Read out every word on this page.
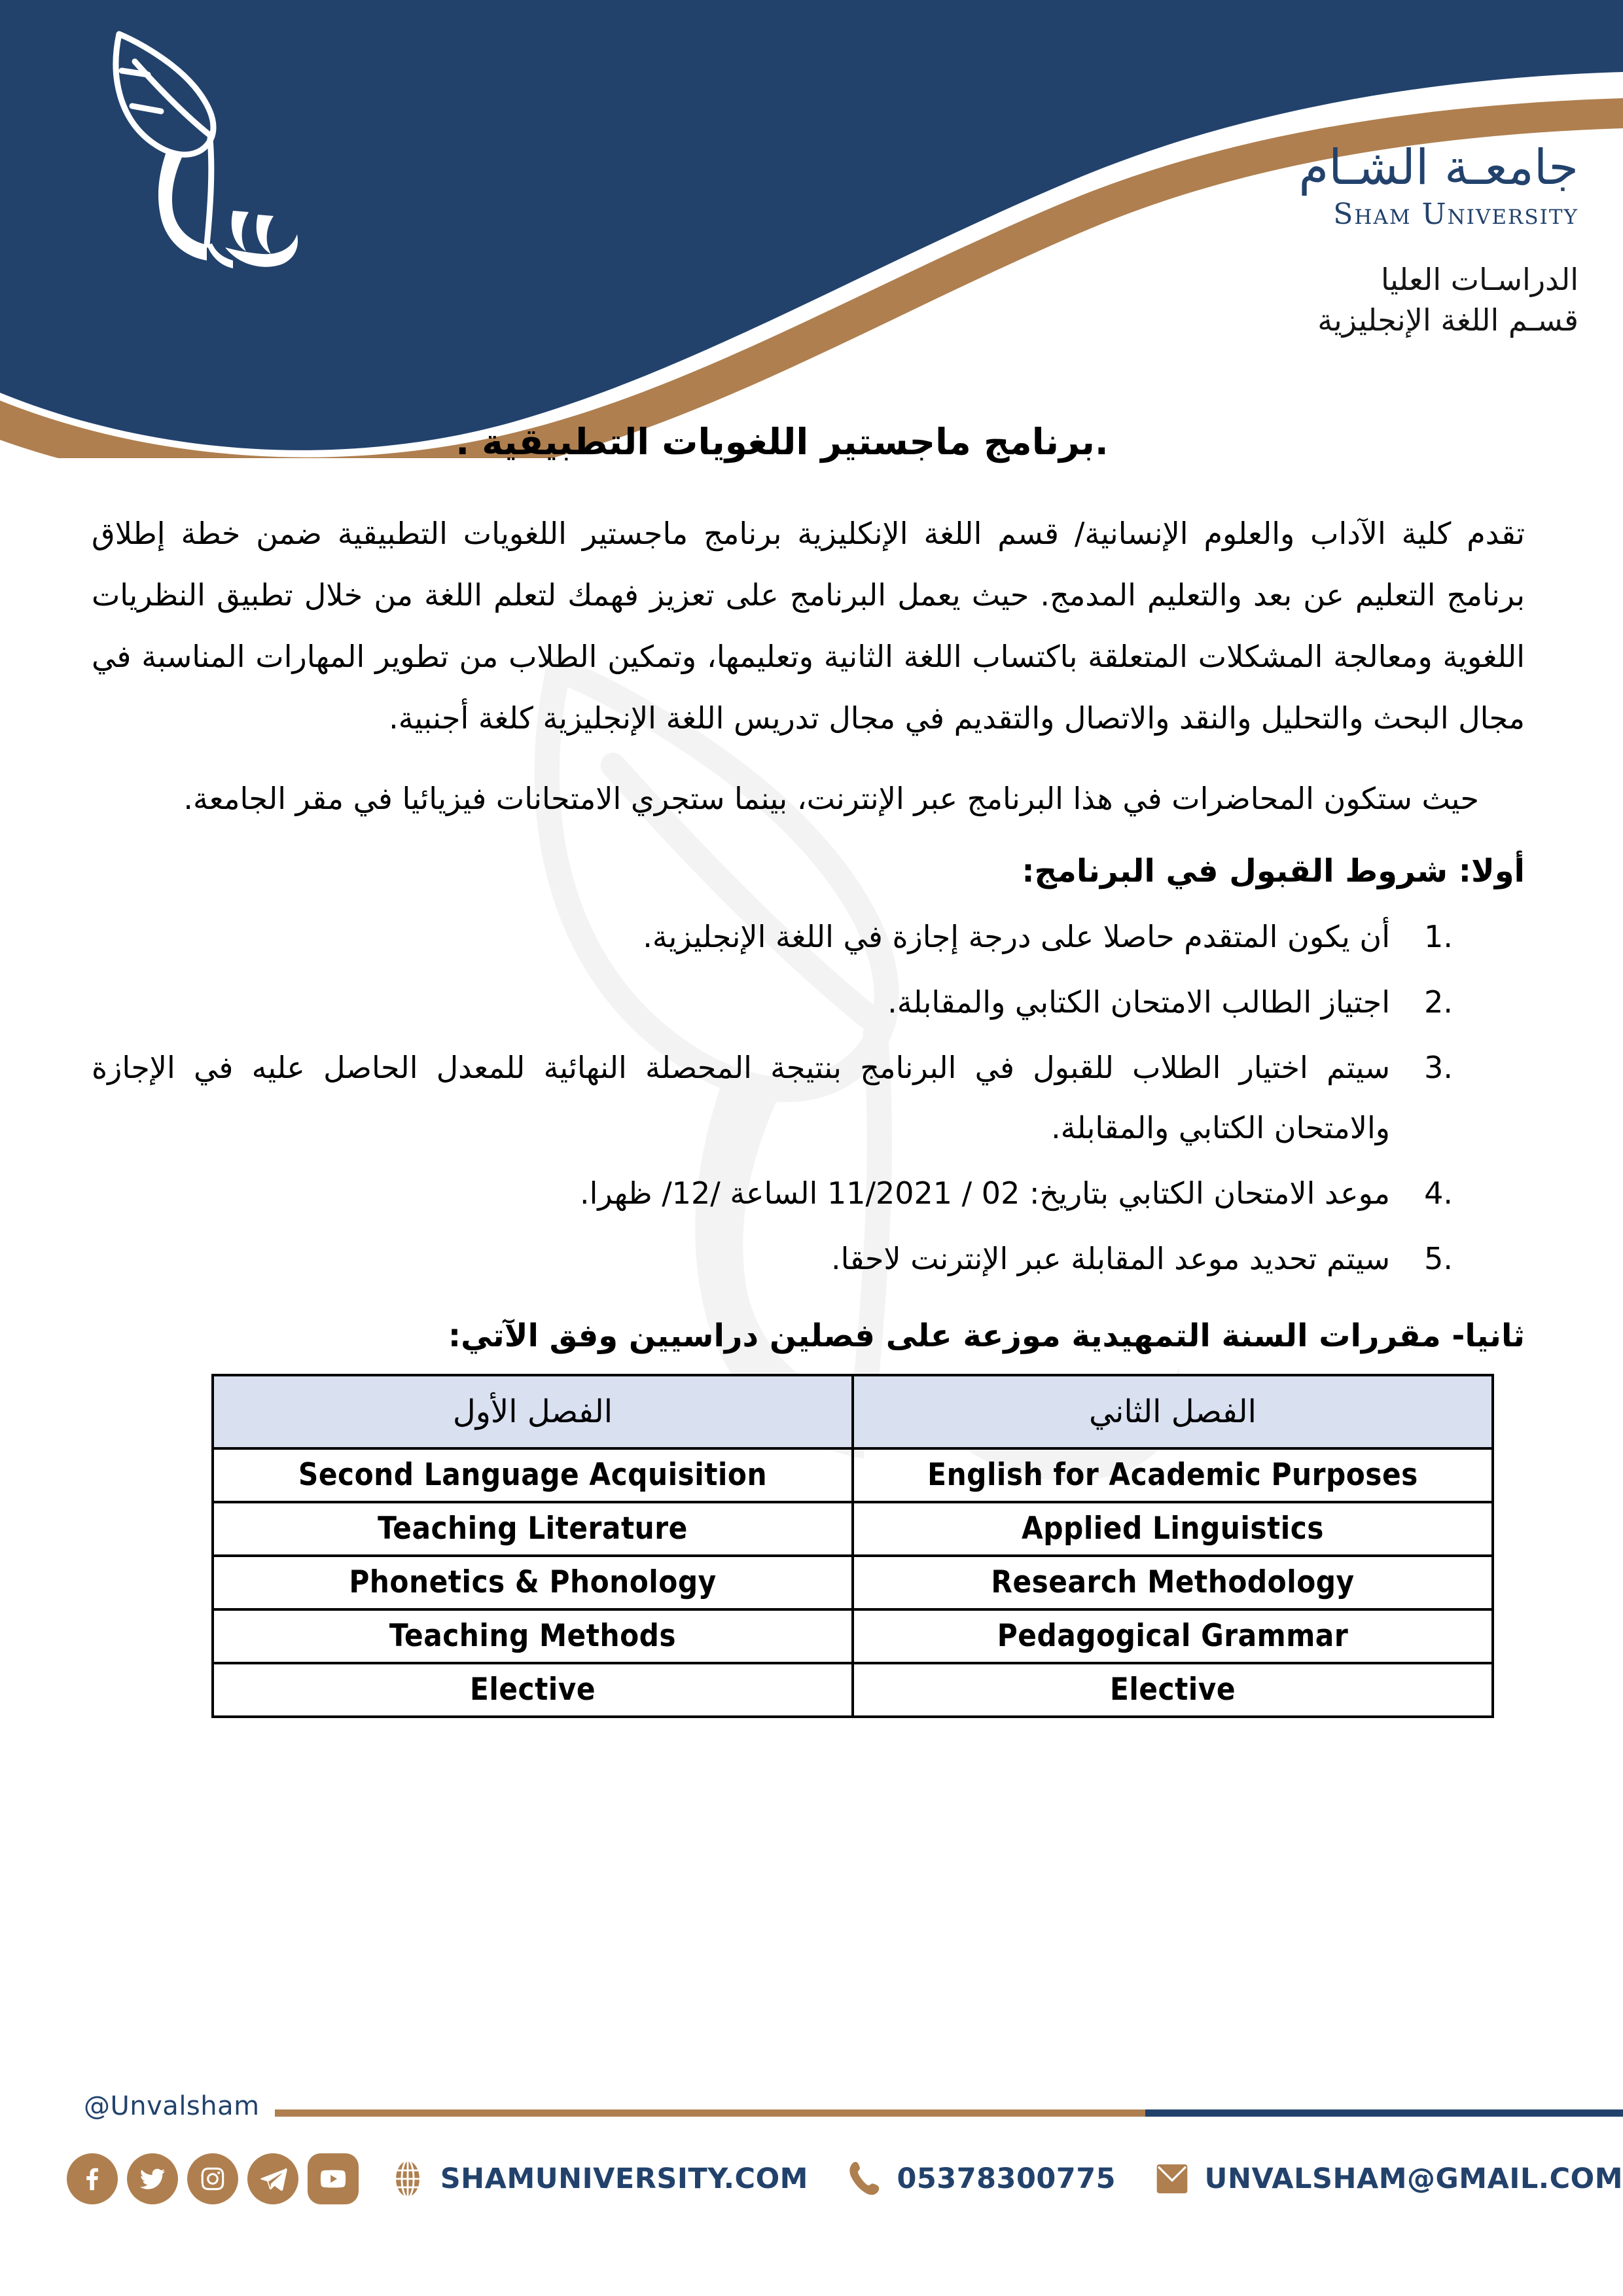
جامعـة الشـام
Sham University
الدراسـات العليا
قسـم اللغة الإنجليزية
.برنامج ماجستير اللغويات التطبيقية .

تقدم كلية الآداب والعلوم الإنسانية/ قسم اللغة الإنكليزية برنامج ماجستير اللغويات التطبيقية ضمن خطة إطلاق برنامج التعليم عن بعد والتعليم المدمج. حيث يعمل البرنامج على تعزيز فهمك لتعلم اللغة من خلال تطبيق النظريات اللغوية ومعالجة المشكلات المتعلقة باكتساب اللغة الثانية وتعليمها، وتمكين الطلاب من تطوير المهارات المناسبة في مجال البحث والتحليل والنقد والاتصال والتقديم في مجال تدريس اللغة الإنجليزية كلغة أجنبية.

حيث ستكون المحاضرات في هذا البرنامج عبر الإنترنت، بينما ستجري الامتحانات فيزيائيا في مقر الجامعة.

أولا: شروط القبول في البرنامج:
أن يكون المتقدم حاصلا على درجة إجازة في اللغة الإنجليزية.
اجتياز الطالب الامتحان الكتابي والمقابلة.
سيتم اختيار الطلاب للقبول في البرنامج بنتيجة المحصلة النهائية للمعدل الحاصل عليه في الإجازة والامتحان الكتابي والمقابلة.
موعد الامتحان الكتابي بتاريخ: 02 / 11/2021 الساعة /12/ ظهرا.
سيتم تحديد موعد المقابلة عبر الإنترنت لاحقا.
ثانيا- مقررات السنة التمهيدية موزعة على فصلين دراسيين وفق الآتي:
الفصل الثاني	الفصل الأول
English for Academic Purposes	Second Language Acquisition
Applied Linguistics	Teaching Literature
Research Methodology	Phonetics & Phonology
Pedagogical Grammar	Teaching Methods
Elective	Elective
@Unvalsham
SHAMUNIVERSITY.COM	05378300775	UNVALSHAM@GMAIL.COM
